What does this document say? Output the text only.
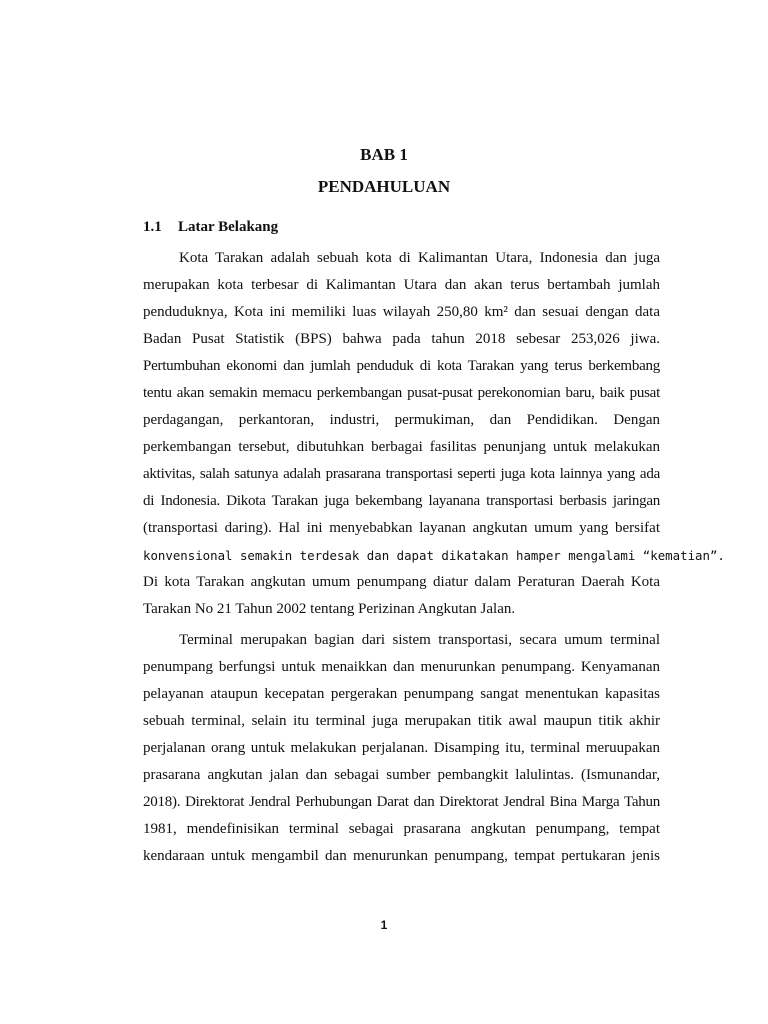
BAB 1
PENDAHULUAN
1.1 Latar Belakang
Kota Tarakan adalah sebuah kota di Kalimantan Utara, Indonesia dan juga
merupakan kota terbesar di Kalimantan Utara dan akan terus bertambah jumlah
penduduknya, Kota ini memiliki luas wilayah 250,80 km² dan sesuai dengan data
Badan Pusat Statistik (BPS) bahwa pada tahun 2018 sebesar 253,026 jiwa.
Pertumbuhan ekonomi dan jumlah penduduk di kota Tarakan yang terus berkembang
tentu akan semakin memacu perkembangan pusat-pusat perekonomian baru, baik pusat
perdagangan, perkantoran, industri, permukiman, dan Pendidikan. Dengan
perkembangan tersebut, dibutuhkan berbagai fasilitas penunjang untuk melakukan
aktivitas, salah satunya adalah prasarana transportasi seperti juga kota lainnya yang ada
di Indonesia. Dikota Tarakan juga bekembang layanana transportasi berbasis jaringan
(transportasi daring). Hal ini menyebabkan layanan angkutan umum yang bersifat
konvensional semakin terdesak dan dapat dikatakan hamper mengalami “kematian”.
Di kota Tarakan angkutan umum penumpang diatur dalam Peraturan Daerah Kota
Tarakan No 21 Tahun 2002 tentang Perizinan Angkutan Jalan.
Terminal merupakan bagian dari sistem transportasi, secara umum terminal
penumpang berfungsi untuk menaikkan dan menurunkan penumpang. Kenyamanan
pelayanan ataupun kecepatan pergerakan penumpang sangat menentukan kapasitas
sebuah terminal, selain itu terminal juga merupakan titik awal maupun titik akhir
perjalanan orang untuk melakukan perjalanan. Disamping itu, terminal meruupakan
prasarana angkutan jalan dan sebagai sumber pembangkit lalulintas. (Ismunandar,
2018). Direktorat Jendral Perhubungan Darat dan Direktorat Jendral Bina Marga Tahun
1981, mendefinisikan terminal sebagai prasarana angkutan penumpang, tempat
kendaraan untuk mengambil dan menurunkan penumpang, tempat pertukaran jenis

1
